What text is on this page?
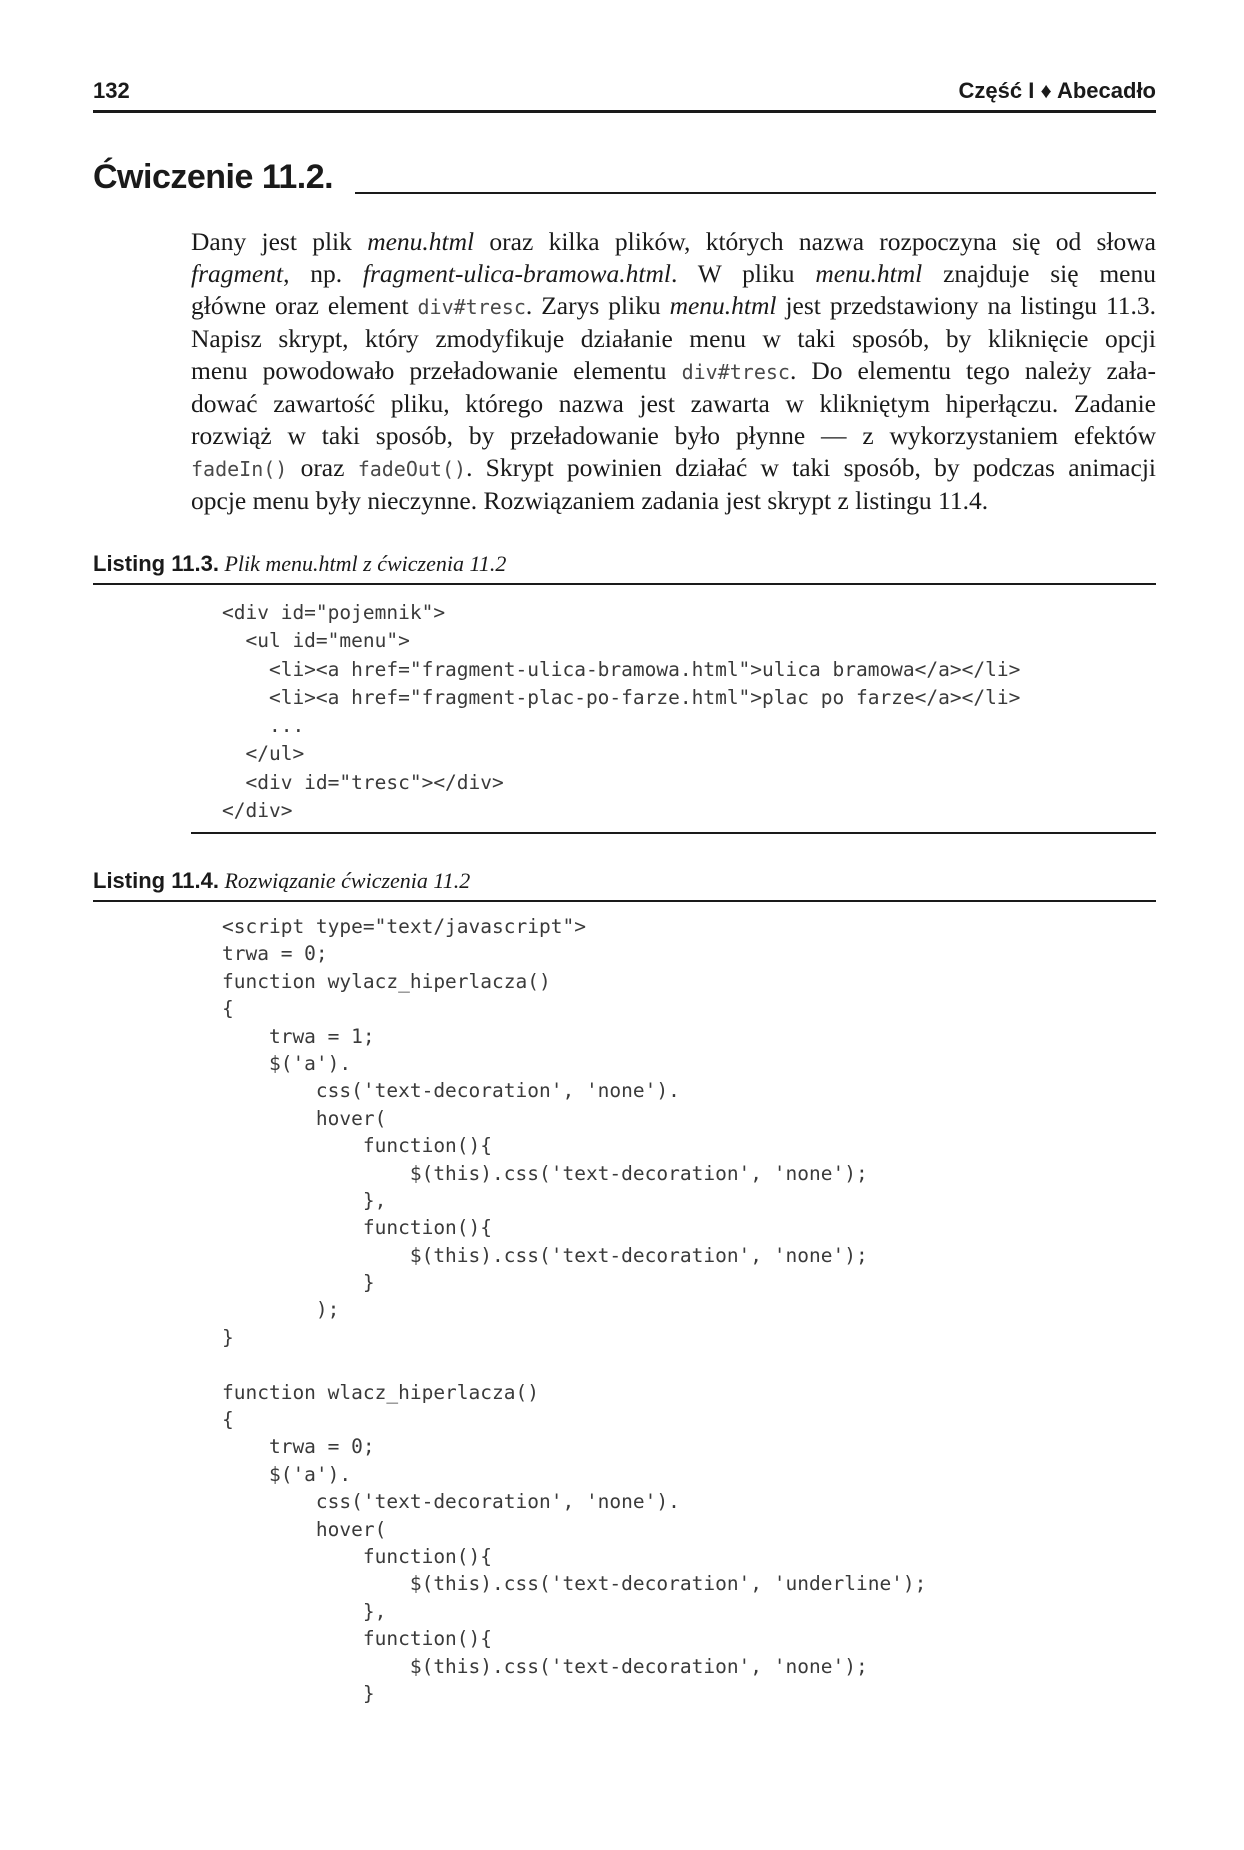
132	Część I ♦ Abecadło
Ćwiczenie 11.2.
Dany jest plik menu.html oraz kilka plików, których nazwa rozpoczyna się od słowa
fragment, np. fragment-ulica-bramowa.html. W pliku menu.html znajduje się menu
główne oraz element div#tresc. Zarys pliku menu.html jest przedstawiony na listingu 11.3.
Napisz skrypt, który zmodyfikuje działanie menu w taki sposób, by kliknięcie opcji
menu powodowało przeładowanie elementu div#tresc. Do elementu tego należy zała-
dować zawartość pliku, którego nazwa jest zawarta w klikniętym hiperłączu. Zadanie
rozwiąż w taki sposób, by przeładowanie było płynne — z wykorzystaniem efektów
fadeIn() oraz fadeOut(). Skrypt powinien działać w taki sposób, by podczas animacji
opcje menu były nieczynne. Rozwiązaniem zadania jest skrypt z listingu 11.4.
Listing 11.3. Plik menu.html z ćwiczenia 11.2
<div id="pojemnik">
<ul id="menu">
<li><a href="fragment-ulica-bramowa.html">ulica bramowa</a></li>
<li><a href="fragment-plac-po-farze.html">plac po farze</a></li>
...
</ul>
<div id="tresc"></div>
</div>
Listing 11.4. Rozwiązanie ćwiczenia 11.2
<script type="text/javascript">
trwa = 0;
function wylacz_hiperlacza()
{
trwa = 1;
$('a').
css('text-decoration', 'none').
hover(
function(){
$(this).css('text-decoration', 'none');
},
function(){
$(this).css('text-decoration', 'none');
}
);
}
function wlacz_hiperlacza()
{
trwa = 0;
$('a').
css('text-decoration', 'none').
hover(
function(){
$(this).css('text-decoration', 'underline');
},
function(){
$(this).css('text-decoration', 'none');
}
